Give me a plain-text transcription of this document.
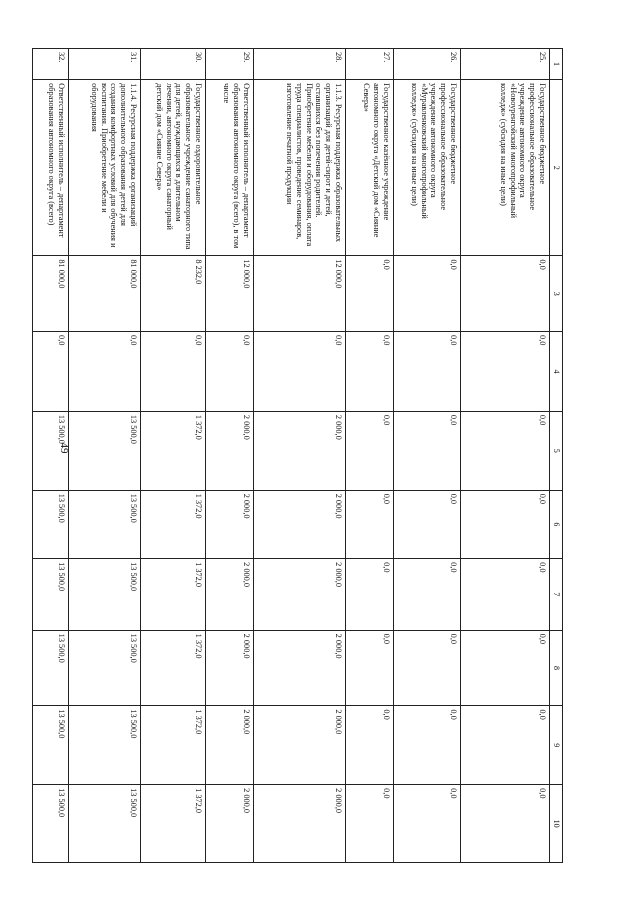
49
1	2	3	4	5	6	7	8	9	10
25.	Государственное бюджетное профессиональное образовательное учреждение автономного округа «Новоуренгойский многопрофильный колледж» (субсидия на иные цели)	0,0	0,0	0,0	0,0	0,0	0,0	0,0	0,0
26.	Государственное бюджетное профессиональное образовательное учреждение автономного округа «Муравленковский многопрофильный колледж» (субсидия на иные цели)	0,0	0,0	0,0	0,0	0,0	0,0	0,0	0,0
27.	Государственное казённое учреждение автономного округа «Детский дом «Сияние Севера»	0,0	0,0	0,0	0,0	0,0	0,0	0,0	0,0
28.	1.1.3. Ресурсная поддержка образовательных организаций для детей-сирот и детей, оставшихся без попечения родителей. Приобретение мебели и оборудования, оплата труда специалистов, проведение семинаров, изготовление печатной продукции	12 000,0	0,0	2 000,0	2 000,0	2 000,0	2 000,0	2 000,0	2 000,0
29.	Ответственный исполнитель – департамент образования автономного округа (всего), в том числе	12 000,0	0,0	2 000,0	2 000,0	2 000,0	2 000,0	2 000,0	2 000,0
30.	Государственное оздоровительное образовательное учреждение санаторного типа для детей, нуждающихся в длительном лечении, автономного округа санаторный детский дом «Сияние Севера»	8 232,0	0,0	1 372,0	1 372,0	1 372,0	1 372,0	1 372,0	1 372,0
31.	1.1.4. Ресурсная поддержка организаций дополнительного образования детей для создания комфортных условий для обучения и воспитания. Приобретение мебели и оборудования	81 000,0	0,0	13 500,0	13 500,0	13 500,0	13 500,0	13 500,0	13 500,0
32.	Ответственный исполнитель – департамент образования автономного округа (всего)	81 000,0	0,0	13 500,0	13 500,0	13 500,0	13 500,0	13 500,0	13 500,0
